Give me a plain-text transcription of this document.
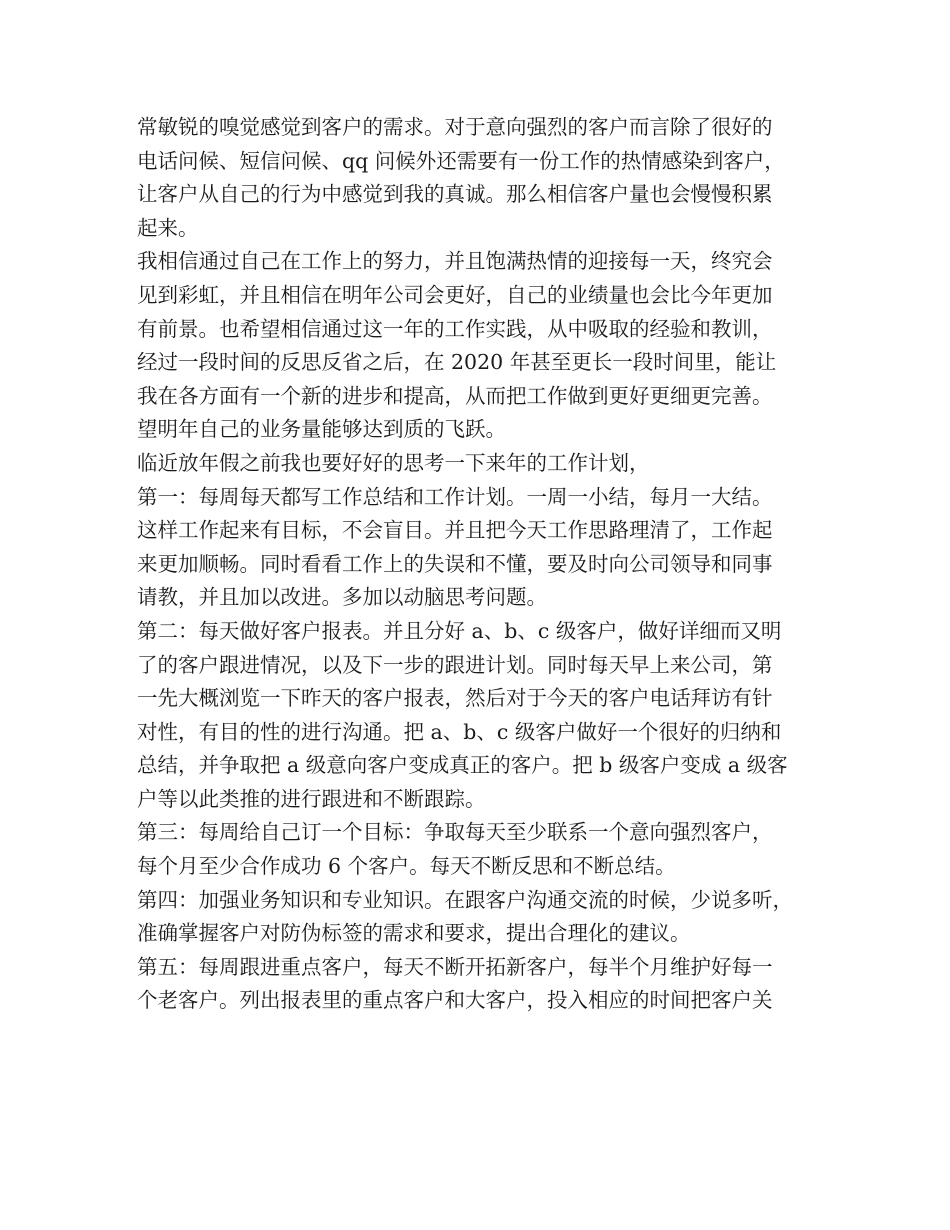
常敏锐的嗅觉感觉到客户的需求。对于意向强烈的客户而言除了很好的
电话问候、短信问候、qq 问候外还需要有一份工作的热情感染到客户，
让客户从自己的行为中感觉到我的真诚。那么相信客户量也会慢慢积累
起来。
我相信通过自己在工作上的努力，并且饱满热情的迎接每一天，终究会
见到彩虹，并且相信在明年公司会更好，自己的业绩量也会比今年更加
有前景。也希望相信通过这一年的工作实践，从中吸取的经验和教训，
经过一段时间的反思反省之后，在 2020 年甚至更长一段时间里，能让
我在各方面有一个新的进步和提高，从而把工作做到更好更细更完善。
望明年自己的业务量能够达到质的飞跃。
临近放年假之前我也要好好的思考一下来年的工作计划，
第一：每周每天都写工作总结和工作计划。一周一小结，每月一大结。
这样工作起来有目标，不会盲目。并且把今天工作思路理清了，工作起
来更加顺畅。同时看看工作上的失误和不懂，要及时向公司领导和同事
请教，并且加以改进。多加以动脑思考问题。
第二：每天做好客户报表。并且分好 a、b、c 级客户，做好详细而又明
了的客户跟进情况，以及下一步的跟进计划。同时每天早上来公司，第
一先大概浏览一下昨天的客户报表，然后对于今天的客户电话拜访有针
对性，有目的性的进行沟通。把 a、b、c 级客户做好一个很好的归纳和
总结，并争取把 a 级意向客户变成真正的客户。把 b 级客户变成 a 级客
户等以此类推的进行跟进和不断跟踪。
第三：每周给自己订一个目标：争取每天至少联系一个意向强烈客户，
每个月至少合作成功 6 个客户。每天不断反思和不断总结。
第四：加强业务知识和专业知识。在跟客户沟通交流的时候，少说多听，
准确掌握客户对防伪标签的需求和要求，提出合理化的建议。
第五：每周跟进重点客户，每天不断开拓新客户，每半个月维护好每一
个老客户。列出报表里的重点客户和大客户，投入相应的时间把客户关
